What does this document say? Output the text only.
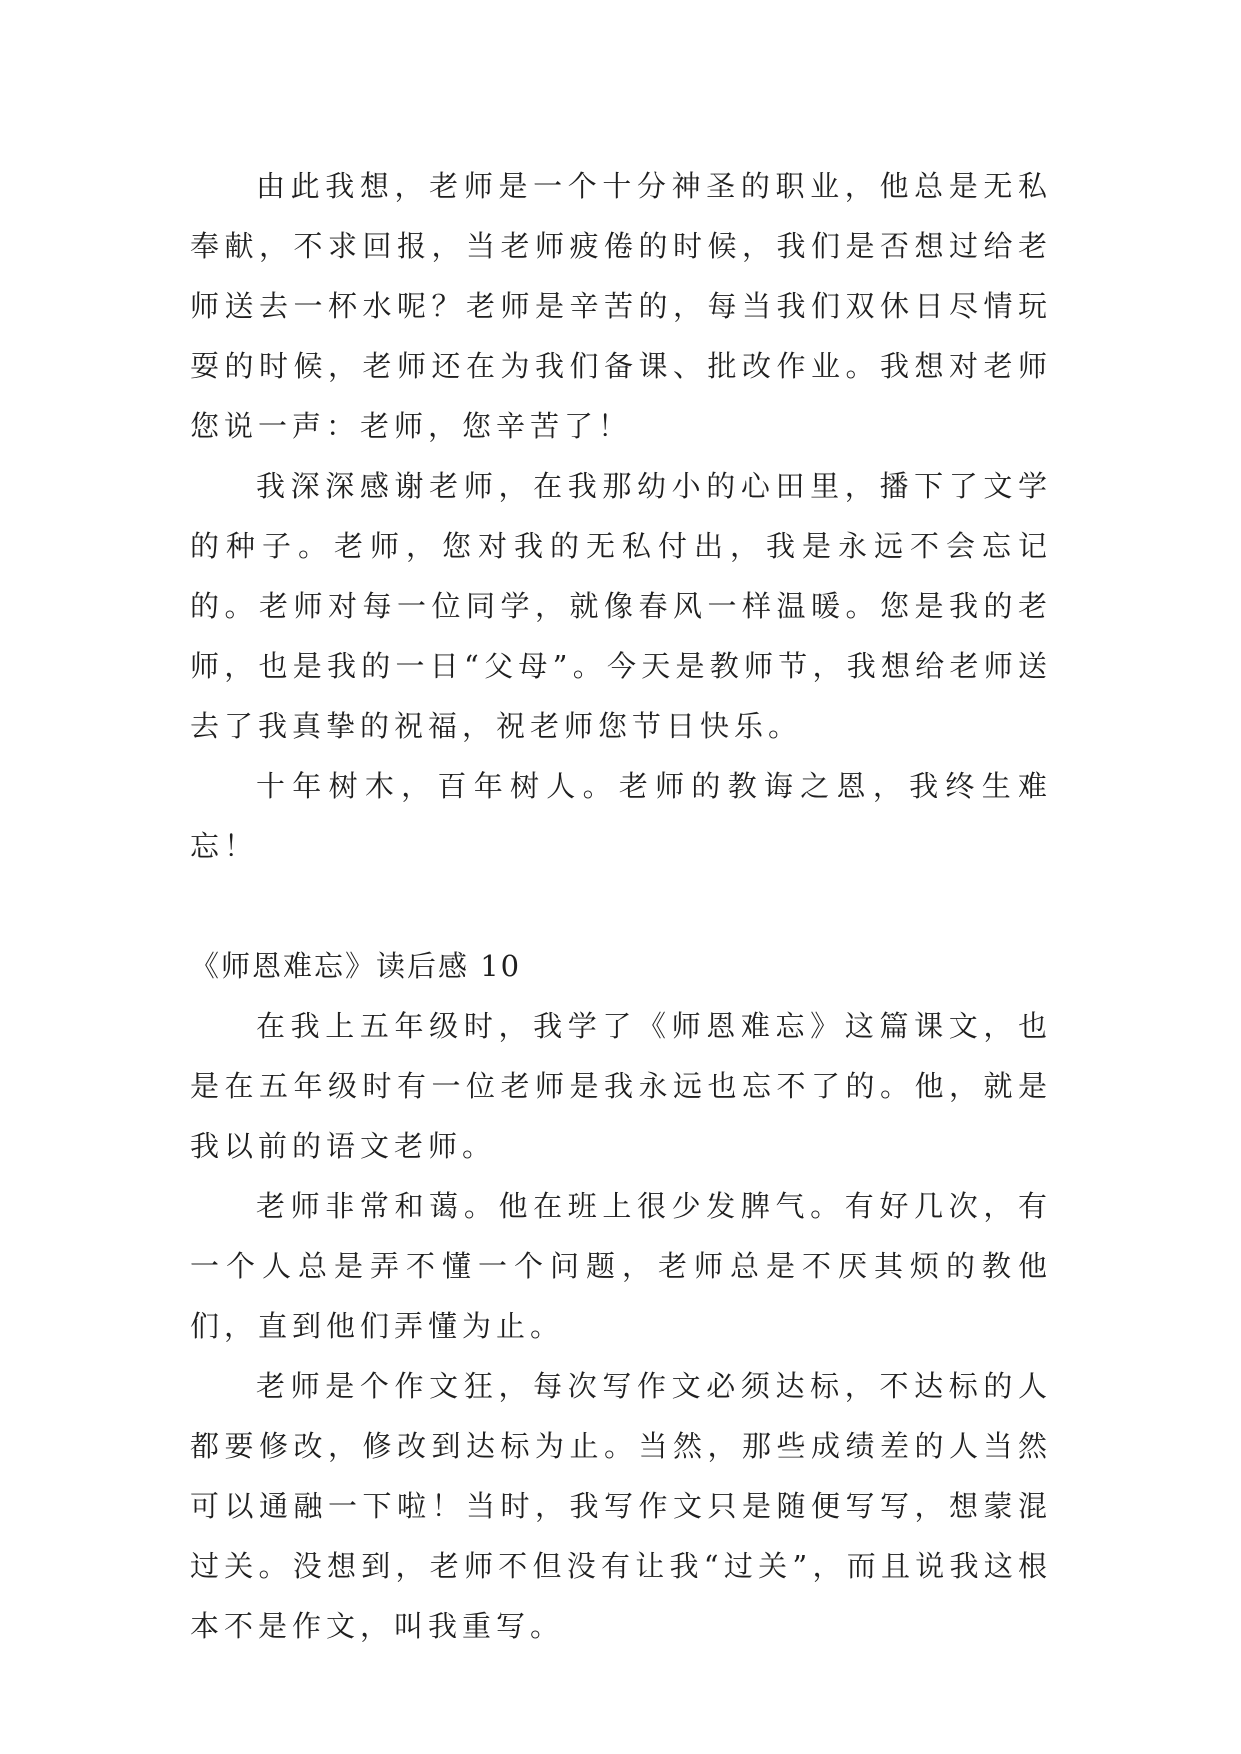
由此我想，老师是一个十分神圣的职业，他总是无私奉献，不求回报，当老师疲倦的时候，我们是否想过给老师送去一杯水呢？老师是辛苦的，每当我们双休日尽情玩耍的时候，老师还在为我们备课、批改作业。我想对老师您说一声：老师，您辛苦了！

我深深感谢老师，在我那幼小的心田里，播下了文学的种子。老师，您对我的无私付出，我是永远不会忘记的。老师对每一位同学，就像春风一样温暖。您是我的老师，也是我的一日“父母”。今天是教师节，我想给老师送去了我真挚的祝福，祝老师您节日快乐。

十年树木，百年树人。老师的教诲之恩，我终生难忘！

《师恩难忘》读后感 10

在我上五年级时，我学了《师恩难忘》这篇课文，也是在五年级时有一位老师是我永远也忘不了的。他，就是我以前的语文老师。

老师非常和蔼。他在班上很少发脾气。有好几次，有一个人总是弄不懂一个问题，老师总是不厌其烦的教他们，直到他们弄懂为止。

老师是个作文狂，每次写作文必须达标，不达标的人都要修改，修改到达标为止。当然，那些成绩差的人当然可以通融一下啦！当时，我写作文只是随便写写，想蒙混过关。没想到，老师不但没有让我“过关”，而且说我这根本不是作文，叫我重写。
